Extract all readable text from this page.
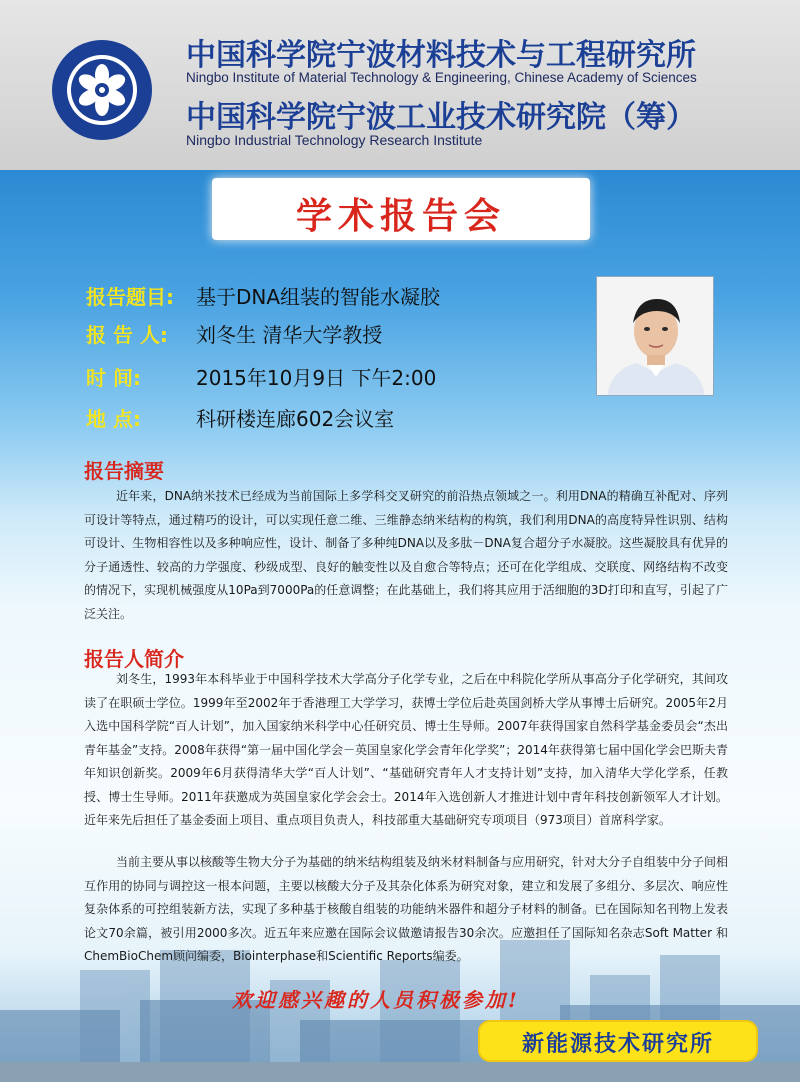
中国科学院宁波材料技术与工程研究所
Ningbo Institute of Material Technology & Engineering, Chinese Academy of Sciences
中国科学院宁波工业技术研究院（筹）
Ningbo Industrial Technology Research Institute
学术报告会
报告题目:	基于DNA组装的智能水凝胶
报 告 人:	刘冬生 清华大学教授
时 间:	2015年10月9日 下午2:00
地 点:	科研楼连廊602会议室
报告摘要
近年来，DNA纳米技术已经成为当前国际上多学科交叉研究的前沿热点领域之一。利用DNA的精确互补配对、序列可设计等特点，通过精巧的设计，可以实现任意二维、三维静态纳米结构的构筑，我们利用DNA的高度特异性识别、结构可设计、生物相容性以及多种响应性，设计、制备了多种纯DNA以及多肽－DNA复合超分子水凝胶。这些凝胶具有优异的分子通透性、较高的力学强度、秒级成型、良好的触变性以及自愈合等特点；还可在化学组成、交联度、网络结构不改变的情况下，实现机械强度从10Pa到7000Pa的任意调整；在此基础上，我们将其应用于活细胞的3D打印和直写，引起了广泛关注。
报告人简介
刘冬生，1993年本科毕业于中国科学技术大学高分子化学专业，之后在中科院化学所从事高分子化学研究，其间攻读了在职硕士学位。1999年至2002年于香港理工大学学习，获博士学位后赴英国剑桥大学从事博士后研究。2005年2月入选中国科学院“百人计划”，加入国家纳米科学中心任研究员、博士生导师。2007年获得国家自然科学基金委员会“杰出青年基金”支持。2008年获得“第一届中国化学会－英国皇家化学会青年化学奖”；2014年获得第七届中国化学会巴斯夫青年知识创新奖。2009年6月获得清华大学“百人计划”、“基础研究青年人才支持计划”支持，加入清华大学化学系，任教授、博士生导师。2011年获邀成为英国皇家化学会会士。2014年入选创新人才推进计划中青年科技创新领军人才计划。近年来先后担任了基金委面上项目、重点项目负责人，科技部重大基础研究专项项目（973项目）首席科学家。
当前主要从事以核酸等生物大分子为基础的纳米结构组装及纳米材料制备与应用研究，针对大分子自组装中分子间相互作用的协同与调控这一根本问题，主要以核酸大分子及其杂化体系为研究对象，建立和发展了多组分、多层次、响应性复杂体系的可控组装新方法，实现了多种基于核酸自组装的功能纳米器件和超分子材料的制备。已在国际知名刊物上发表论文70余篇，被引用2000多次。近五年来应邀在国际会议做邀请报告30余次。应邀担任了国际知名杂志Soft Matter 和ChemBioChem顾问编委，Biointerphase和Scientific Reports编委。
欢迎感兴趣的人员积极参加!
新能源技术研究所
